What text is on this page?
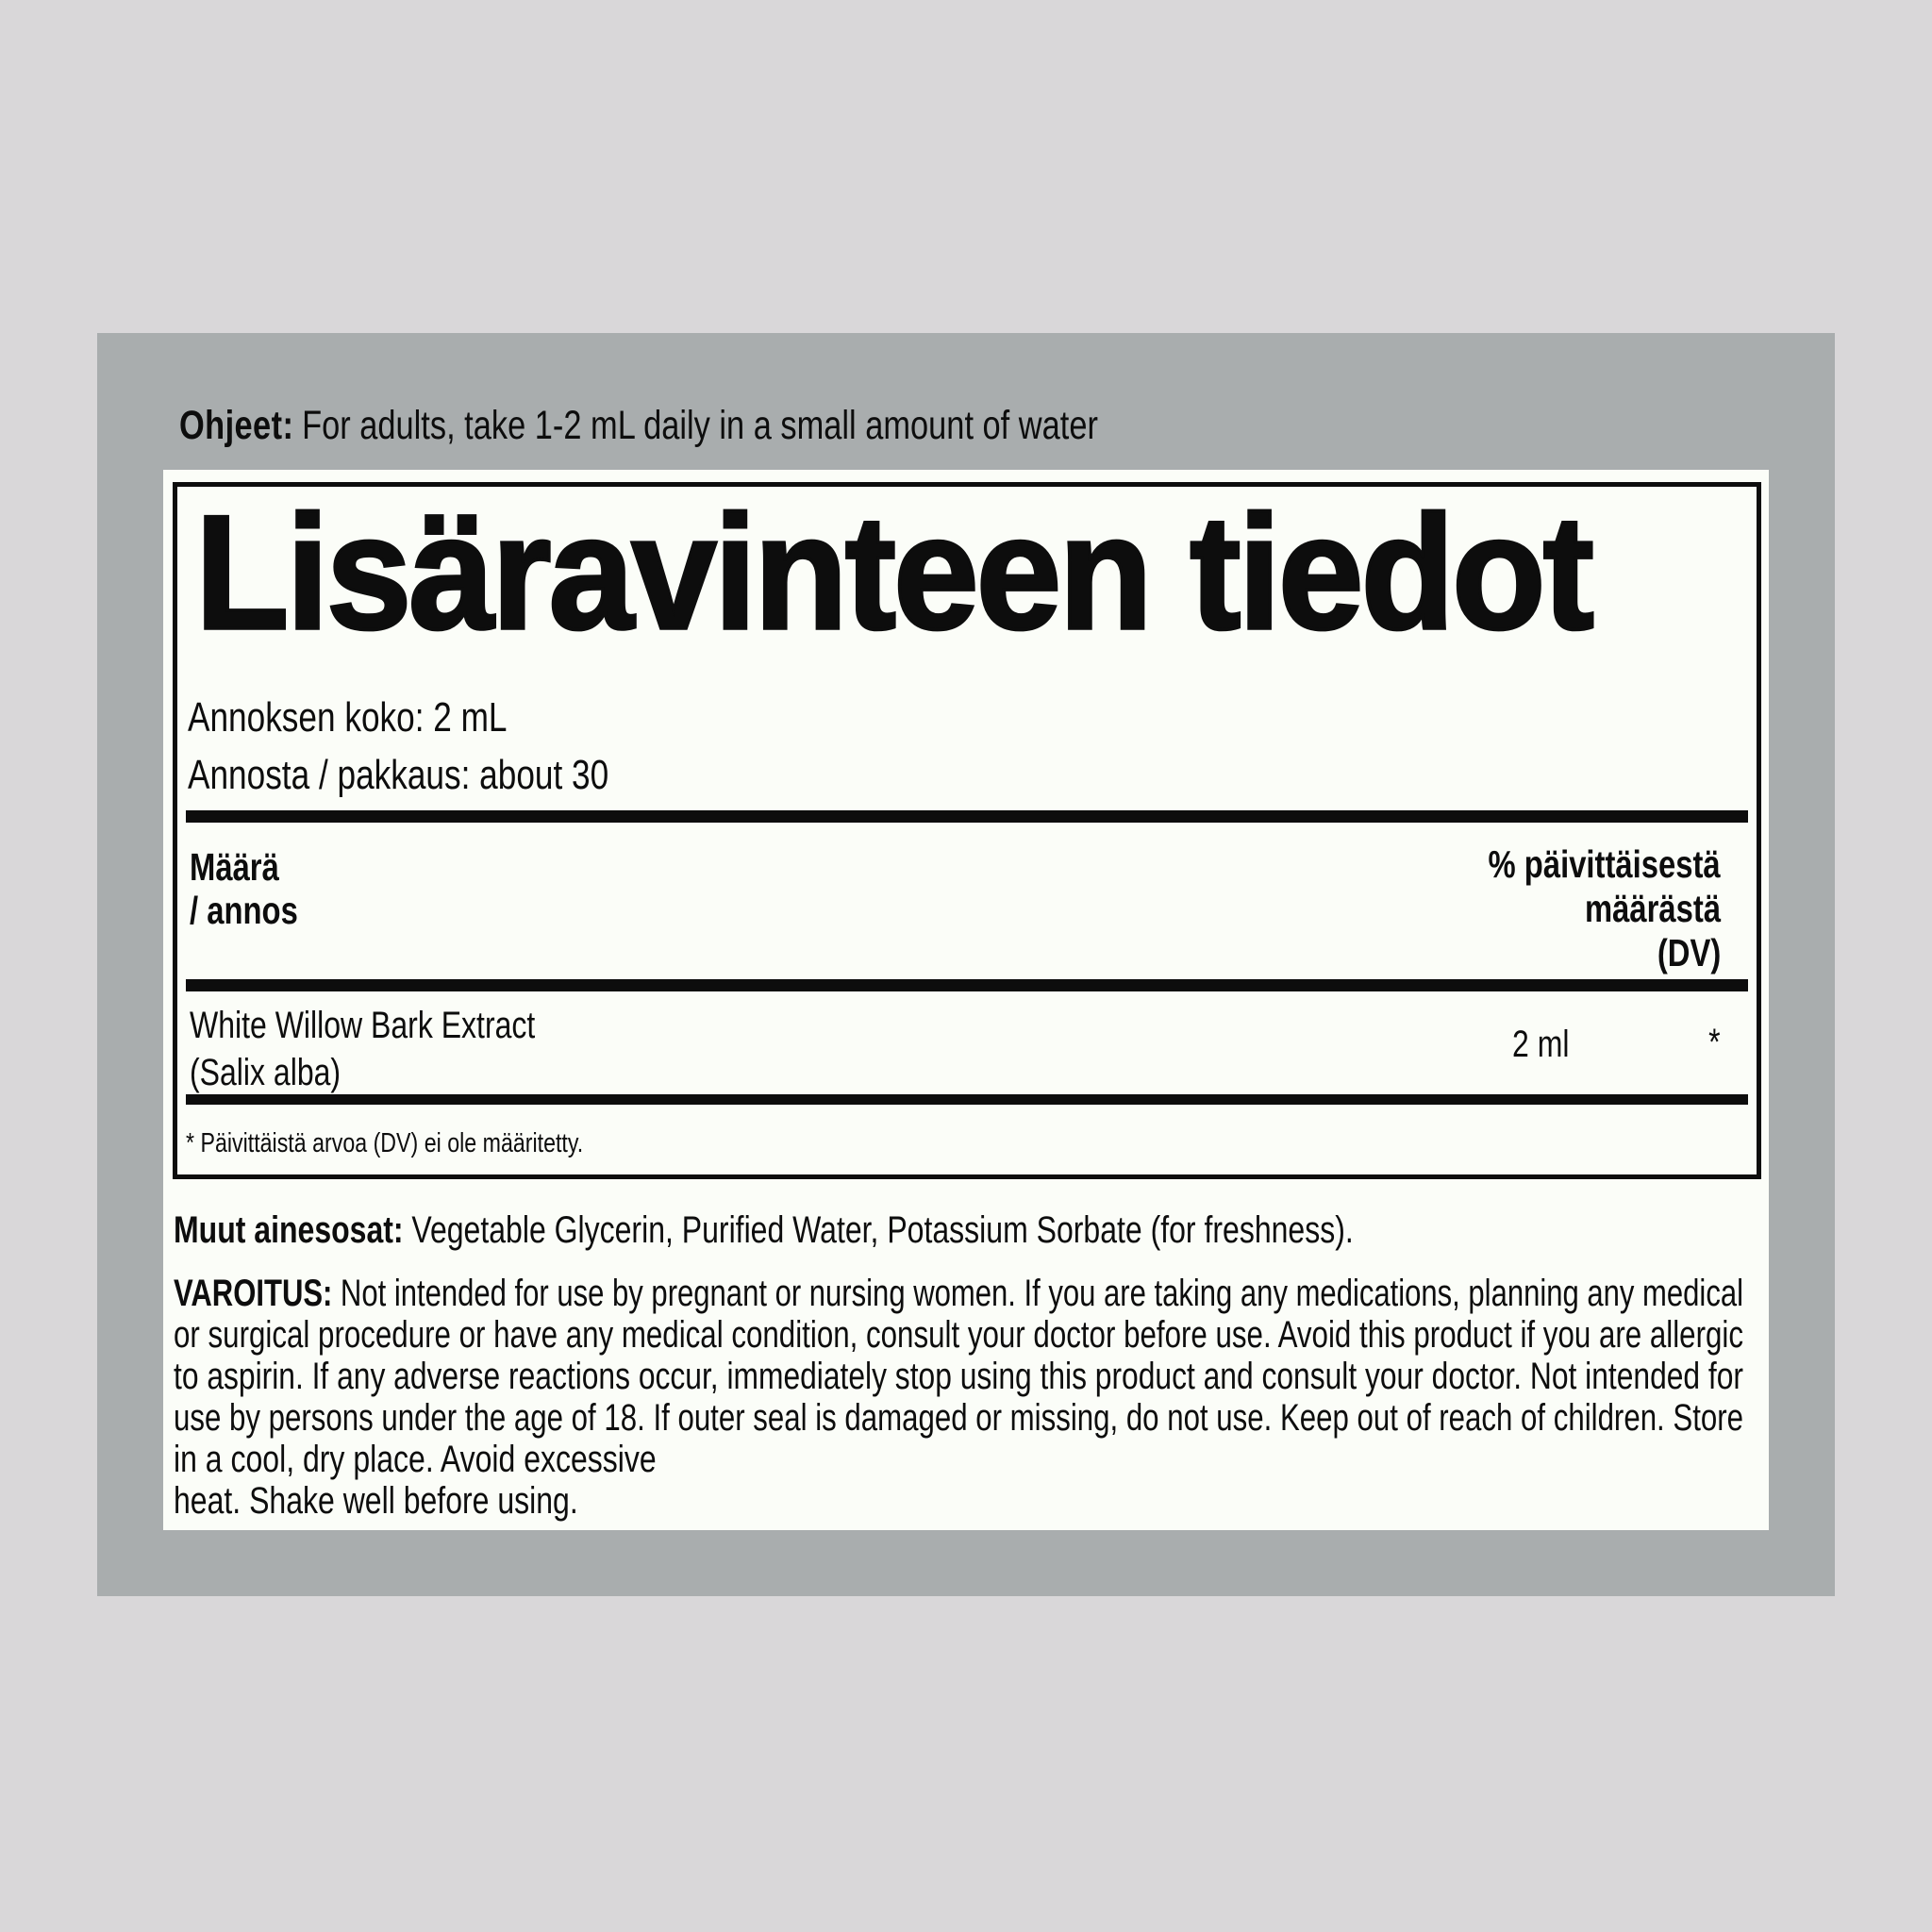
Ohjeet: For adults, take 1-2 mL daily in a small amount of water
Lisäravinteen tiedot
Annoksen koko: 2 mL
Annosta / pakkaus: about 30
Määrä
/ annos
% päivittäisestä
määrästä
(DV)
White Willow Bark Extract
(Salix alba)
2 ml	*
* Päivittäistä arvoa (DV) ei ole määritetty.
Muut ainesosat: Vegetable Glycerin, Purified Water, Potassium Sorbate (for freshness).
VAROITUS: Not intended for use by pregnant or nursing women. If you are taking any medications, planning any medical
or surgical procedure or have any medical condition, consult your doctor before use. Avoid this product if you are allergic
to aspirin. If any adverse reactions occur, immediately stop using this product and consult your doctor. Not intended for
use by persons under the age of 18. If outer seal is damaged or missing, do not use. Keep out of reach of children. Store
in a cool, dry place. Avoid excessive
heat. Shake well before using.
